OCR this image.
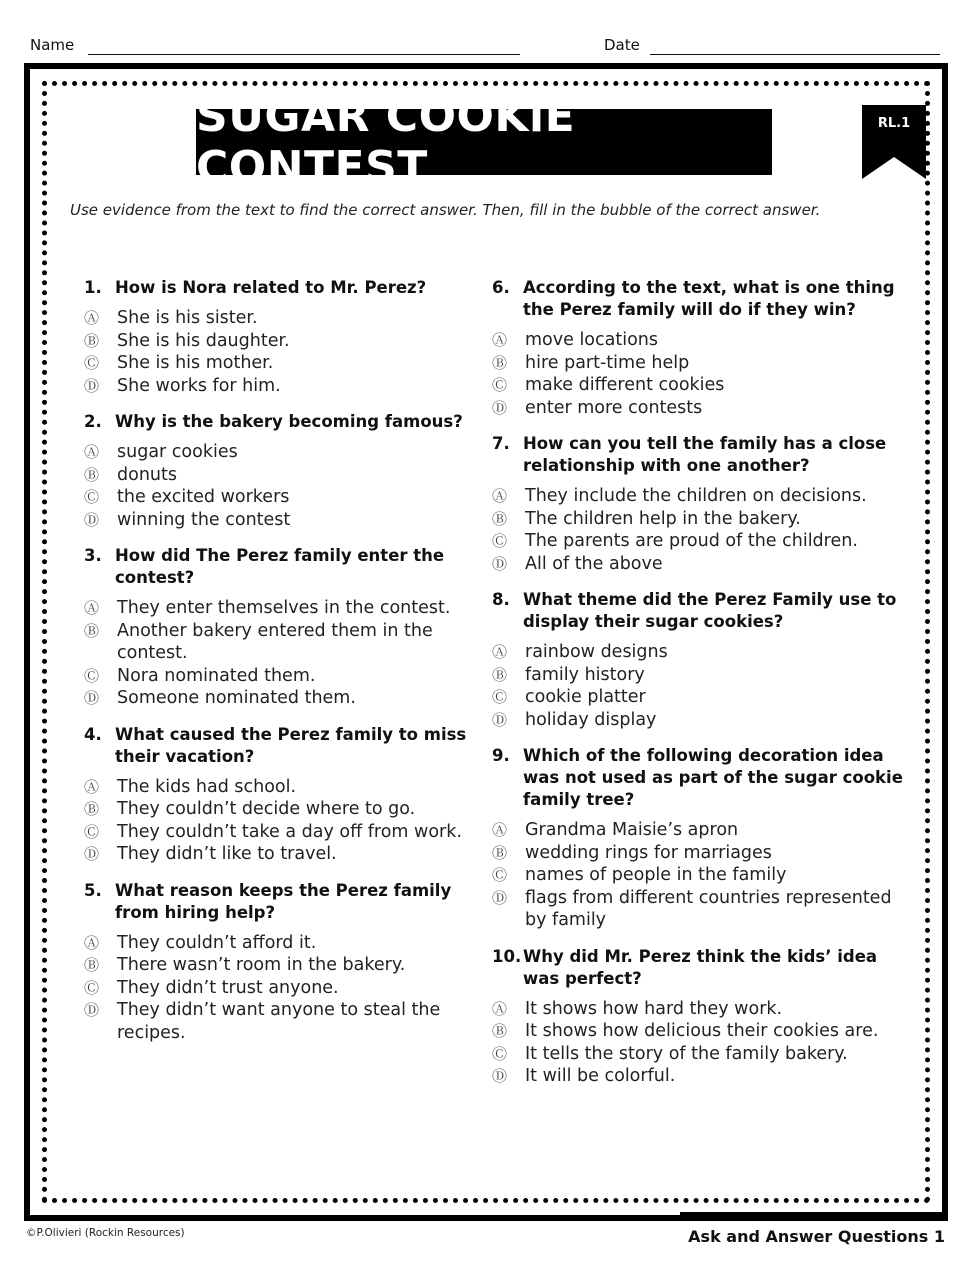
Name	Date
SUGAR COOKiE CONTEST
RL.1
Use evidence from the text to find the correct answer. Then, fill in the bubble of the correct answer.
1. How is Nora related to Mr. Perez?
Ⓐ	She is his sister.
Ⓑ	She is his daughter.
Ⓒ	She is his mother.
Ⓓ	She works for him.
2. Why is the bakery becoming famous?
Ⓐ	sugar cookies
Ⓑ	donuts
Ⓒ	the excited workers
Ⓓ	winning the contest
3. How did The Perez family enter the contest?
Ⓐ	They enter themselves in the contest.
Ⓑ	Another bakery entered them in the contest.
Ⓒ	Nora nominated them.
Ⓓ	Someone nominated them.
4. What caused the Perez family to miss their vacation?
Ⓐ	The kids had school.
Ⓑ	They couldn’t decide where to go.
Ⓒ	They couldn’t take a day off from work.
Ⓓ	They didn’t like to travel.
5. What reason keeps the Perez family from hiring help?
Ⓐ	They couldn’t afford it.
Ⓑ	There wasn’t room in the bakery.
Ⓒ	They didn’t trust anyone.
Ⓓ	They didn’t want anyone to steal the recipes.
6. According to the text, what is one thing the Perez family will do if they win?
Ⓐ	move locations
Ⓑ	hire part-time help
Ⓒ	make different cookies
Ⓓ	enter more contests
7. How can you tell the family has a close relationship with one another?
Ⓐ	They include the children on decisions.
Ⓑ	The children help in the bakery.
Ⓒ	The parents are proud of the children.
Ⓓ	All of the above
8. What theme did the Perez Family use to display their sugar cookies?
Ⓐ	rainbow designs
Ⓑ	family history
Ⓒ	cookie platter
Ⓓ	holiday display
9. Which of the following decoration idea was not used as part of the sugar cookie family tree?
Ⓐ	Grandma Maisie’s apron
Ⓑ	wedding rings for marriages
Ⓒ	names of people in the family
Ⓓ	flags from different countries represented by family
10. Why did Mr. Perez think the kids’ idea was perfect?
Ⓐ	It shows how hard they work.
Ⓑ	It shows how delicious their cookies are.
Ⓒ	It tells the story of the family bakery.
Ⓓ	It will be colorful.
©P.Olivieri (Rockin Resources)	Ask and Answer Questions 1
